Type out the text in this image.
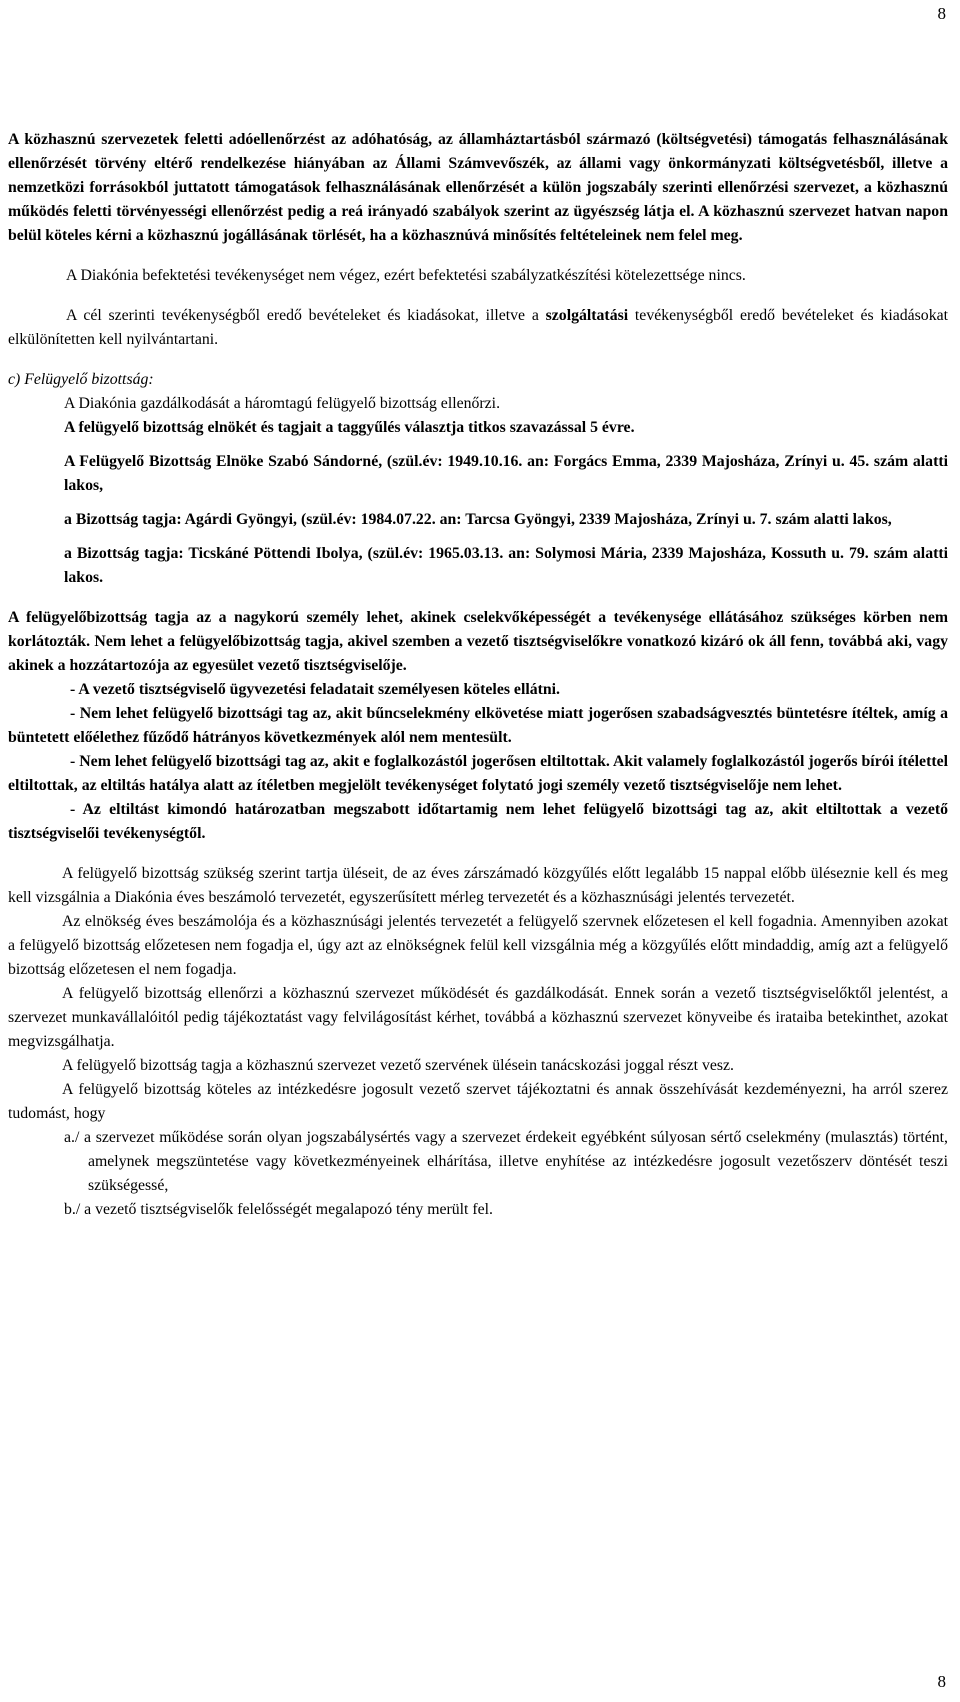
8

A közhasznú szervezetek feletti adóellenőrzést az adóhatóság, az államháztartásból származó (költségvetési) támogatás felhasználásának ellenőrzését törvény eltérő rendelkezése hiányában az Állami Számvevőszék, az állami vagy önkormányzati költségvetésből, illetve a nemzetközi forrásokból juttatott támogatások felhasználásának ellenőrzését a külön jogszabály szerinti ellenőrzési szervezet, a közhasznú működés feletti törvényességi ellenőrzést pedig a reá irányadó szabályok szerint az ügyészség látja el. A közhasznú szervezet hatvan napon belül köteles kérni a közhasznú jogállásának törlését, ha a közhasznúvá minősítés feltételeinek nem felel meg.

A Diakónia befektetési tevékenységet nem végez, ezért befektetési szabályzatkészítési kötelezettsége nincs.

A cél szerinti tevékenységből eredő bevételeket és kiadásokat, illetve a szolgáltatási tevékenységből eredő bevételeket és kiadásokat elkülönítetten kell nyilvántartani.

c) Felügyelő bizottság:

A Diakónia gazdálkodását a háromtagú felügyelő bizottság ellenőrzi.

A felügyelő bizottság elnökét és tagjait a taggyűlés választja titkos szavazással 5 évre.

A Felügyelő Bizottság Elnöke Szabó Sándorné, (szül.év: 1949.10.16. an: Forgács Emma, 2339 Majosháza, Zrínyi u. 45. szám alatti lakos,

a Bizottság tagja: Agárdi Gyöngyi, (szül.év: 1984.07.22. an: Tarcsa Gyöngyi, 2339 Majosháza, Zrínyi u. 7. szám alatti lakos,

a Bizottság tagja: Ticskáné Pöttendi Ibolya, (szül.év: 1965.03.13. an: Solymosi Mária, 2339 Majosháza, Kossuth u. 79. szám alatti lakos.

A felügyelőbizottság tagja az a nagykorú személy lehet, akinek cselekvőképességét a tevékenysége ellátásához szükséges körben nem korlátozták. Nem lehet a felügyelőbizottság tagja, akivel szemben a vezető tisztségviselőkre vonatkozó kizáró ok áll fenn, továbbá aki, vagy akinek a hozzátartozója az egyesület vezető tisztségviselője.

- A vezető tisztségviselő ügyvezetési feladatait személyesen köteles ellátni.

- Nem lehet felügyelő bizottsági tag az, akit bűncselekmény elkövetése miatt jogerősen szabadságvesztés büntetésre ítéltek, amíg a büntetett előélethez fűződő hátrányos következmények alól nem mentesült.

- Nem lehet felügyelő bizottsági tag az, akit e foglalkozástól jogerősen eltiltottak. Akit valamely foglalkozástól jogerős bírói ítélettel eltiltottak, az eltiltás hatálya alatt az ítéletben megjelölt tevékenységet folytató jogi személy vezető tisztségviselője nem lehet.

- Az eltiltást kimondó határozatban megszabott időtartamig nem lehet felügyelő bizottsági tag az, akit eltiltottak a vezető tisztségviselői tevékenységtől.

A felügyelő bizottság szükség szerint tartja üléseit, de az éves zárszámadó közgyűlés előtt legalább 15 nappal előbb üléseznie kell és meg kell vizsgálnia a Diakónia éves beszámoló tervezetét, egyszerűsített mérleg tervezetét és a közhasznúsági jelentés tervezetét.

Az elnökség éves beszámolója és a közhasznúsági jelentés tervezetét a felügyelő szervnek előzetesen el kell fogadnia. Amennyiben azokat a felügyelő bizottság előzetesen nem fogadja el, úgy azt az elnökségnek felül kell vizsgálnia még a közgyűlés előtt mindaddig, amíg azt a felügyelő bizottság előzetesen el nem fogadja.

A felügyelő bizottság ellenőrzi a közhasznú szervezet működését és gazdálkodását. Ennek során a vezető tisztségviselőktől jelentést, a szervezet munkavállalóitól pedig tájékoztatást vagy felvilágosítást kérhet, továbbá a közhasznú szervezet könyveibe és irataiba betekinthet, azokat megvizsgálhatja.

A felügyelő bizottság tagja a közhasznú szervezet vezető szervének ülésein tanácskozási joggal részt vesz.

A felügyelő bizottság köteles az intézkedésre jogosult vezető szervet tájékoztatni és annak összehívását kezdeményezni, ha arról szerez tudomást, hogy

a./ a szervezet működése során olyan jogszabálysértés vagy a szervezet érdekeit egyébként súlyosan sértő cselekmény (mulasztás) történt, amelynek megszüntetése vagy következményeinek elhárítása, illetve enyhítése az intézkedésre jogosult vezetőszerv döntését teszi szükségessé,

b./ a vezető tisztségviselők felelősségét megalapozó tény merült fel.

8
